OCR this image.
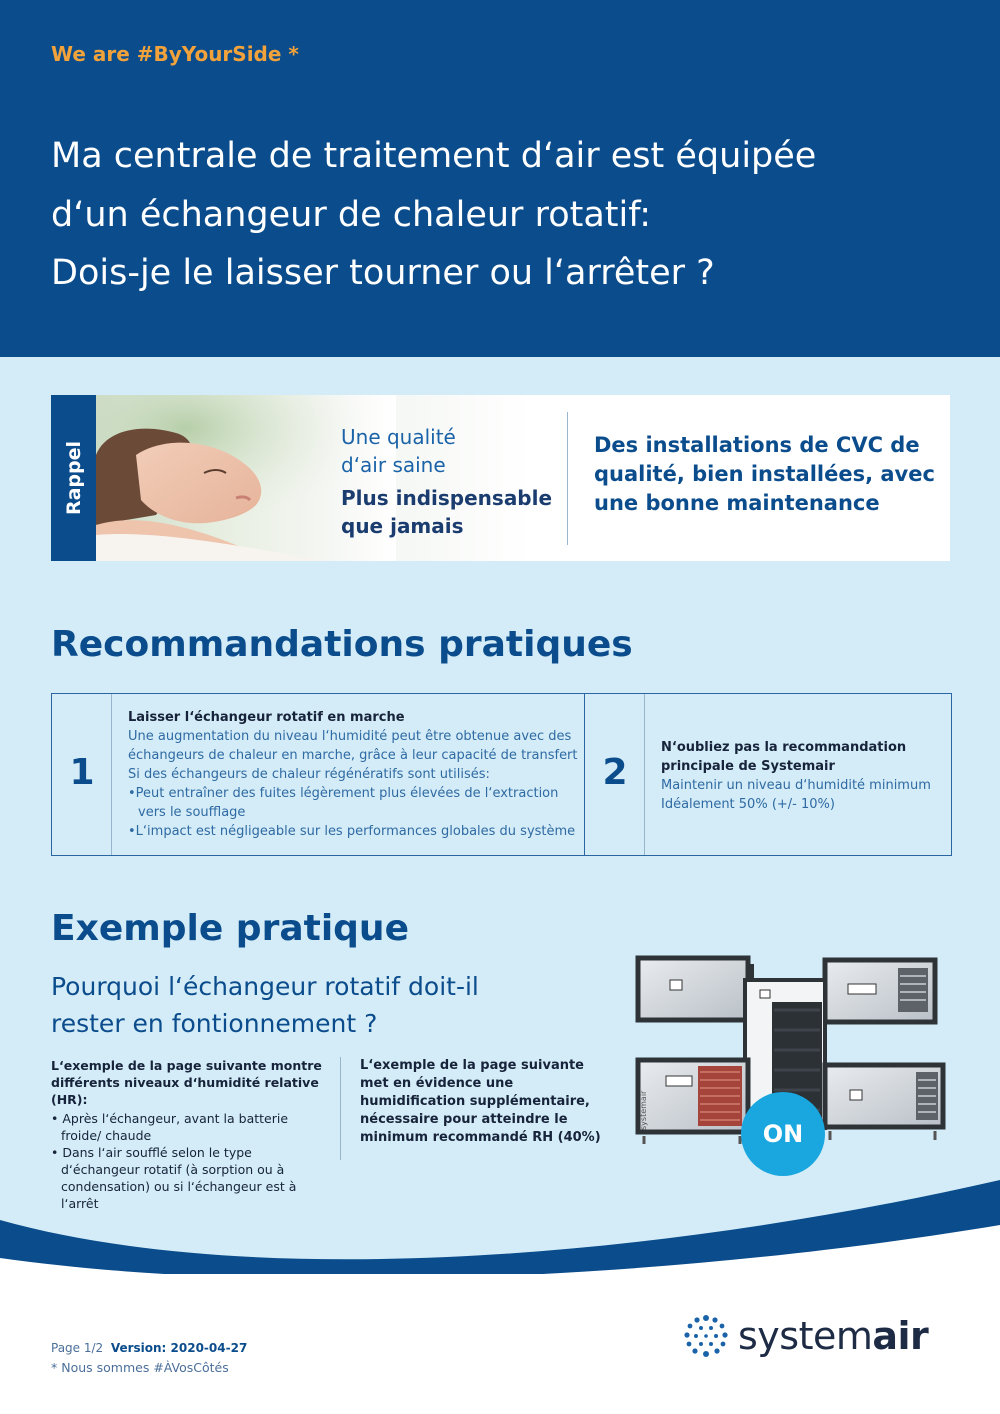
We are #ByYourSide *
Ma centrale de traitement d‘air est équipée
d‘un échangeur de chaleur rotatif:
Dois-je le laisser tourner ou l‘arrêter ?
Rappel
Une qualité
d‘air saine
Plus indispensable
que jamais
Des installations de CVC de
qualité, bien installées, avec
une bonne maintenance
Recommandations pratiques
1
Laisser l‘échangeur rotatif en marche
Une augmentation du niveau l‘humidité peut être obtenue avec des
échangeurs de chaleur en marche, grâce à leur capacité de transfert
Si des échangeurs de chaleur régénératifs sont utilisés:
•Peut entraîner des fuites légèrement plus élevées de l‘extraction vers le soufflage
•L‘impact est négligeable sur les performances globales du système
2
N‘oubliez pas la recommandation
principale de Systemair
Maintenir un niveau d‘humidité minimum
Idéalement 50% (+/- 10%)
Exemple pratique
Pourquoi l‘échangeur rotatif doit-il
rester en fontionnement ?
L‘exemple de la page suivante montre différents niveaux d‘humidité relative (HR):
• Après l‘échangeur, avant la batterie froide/ chaude
• Dans l‘air soufflé selon le type d‘échangeur rotatif (à sorption ou à condensation) ou si l‘échangeur est à l‘arrêt
L‘exemple de la page suivante met en évidence une humidification supplémentaire, nécessaire pour atteindre le minimum recommandé RH (40%)
systemair
ON
Page 1/2 Version: 2020-04-27
* Nous sommes #ÀVosCôtés
systemair
